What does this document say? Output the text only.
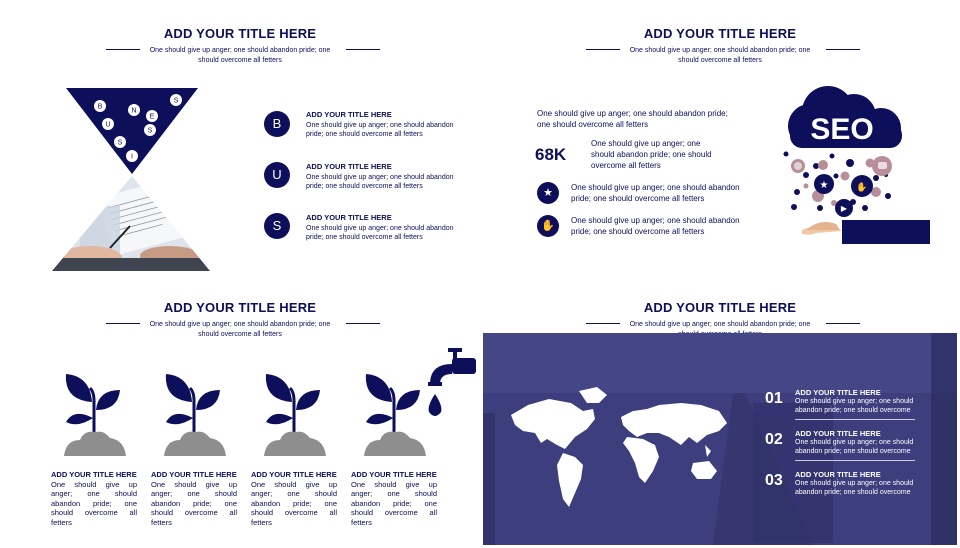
ADD YOUR TITLE HERE
One should give up anger; one should abandon pride; one should overcome all fetters
B
U
S
I
N
E
S
S
B
ADD YOUR TITLE HERE
One should give up anger; one should abandon pride; one should overcome all fetters
U
ADD YOUR TITLE HERE
One should give up anger; one should abandon pride; one should overcome all fetters
S
ADD YOUR TITLE HERE
One should give up anger; one should abandon pride; one should overcome all fetters
ADD YOUR TITLE HERE
One should give up anger; one should abandon pride; one should overcome all fetters
One should give up anger; one should abandon pride; one should overcome all fetters
68K
One should give up anger; one should abandon pride; one should overcome all fetters
★	One should give up anger; one should abandon pride; one should overcome all fetters
✋	One should give up anger; one should abandon pride; one should overcome all fetters
SEO
★	✋
▶
ADD YOUR TITLE HERE
One should give up anger; one should abandon pride; one should overcome all fetters
ADD YOUR TITLE HERE
One should give up anger; one should abandon pride; one should overcome all fetters
ADD YOUR TITLE HERE
One should give up anger; one should abandon pride; one should overcome all fetters
ADD YOUR TITLE HERE
One should give up anger; one should abandon pride; one should overcome all fetters
ADD YOUR TITLE HERE
One should give up anger; one should abandon pride; one should overcome all fetters
ADD YOUR TITLE HERE
One should give up anger; one should abandon pride; one
01 ADD YOUR TITLE HERE
One should give up anger; one should abandon pride; one should overcome
02 ADD YOUR TITLE HERE
One should give up anger; one should abandon pride; one should overcome
03 ADD YOUR TITLE HERE
One should give up anger; one should abandon pride; one should overcome
